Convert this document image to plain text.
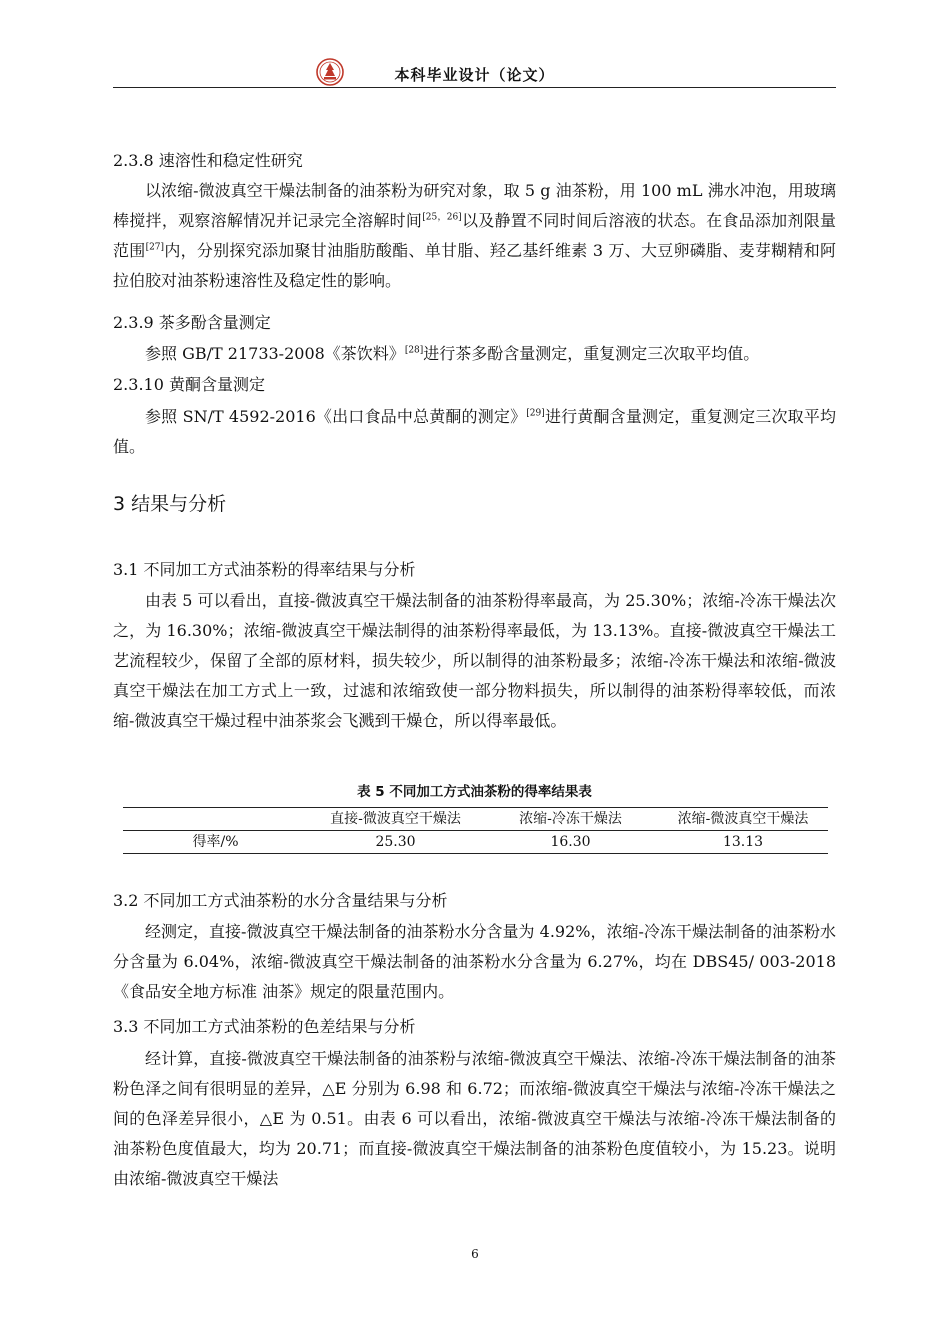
本科毕业设计（论文）
2.3.8 速溶性和稳定性研究

以浓缩-微波真空干燥法制备的油茶粉为研究对象，取 5 g 油茶粉，用 100 mL 沸水冲泡，用玻璃棒搅拌，观察溶解情况并记录完全溶解时间[25，26]以及静置不同时间后溶液的状态。在食品添加剂限量范围[27]内，分别探究添加聚甘油脂肪酸酯、单甘脂、羟乙基纤维素 3 万、大豆卵磷脂、麦芽糊精和阿拉伯胶对油茶粉速溶性及稳定性的影响。

2.3.9 茶多酚含量测定

参照 GB/T 21733-2008《茶饮料》[28]进行茶多酚含量测定，重复测定三次取平均值。

2.3.10 黄酮含量测定

参照 SN/T 4592-2016《出口食品中总黄酮的测定》[29]进行黄酮含量测定，重复测定三次取平均值。

3 结果与分析
3.1 不同加工方式油茶粉的得率结果与分析

由表 5 可以看出，直接-微波真空干燥法制备的油茶粉得率最高，为 25.30%；浓缩-冷冻干燥法次之，为 16.30%；浓缩-微波真空干燥法制得的油茶粉得率最低，为 13.13%。直接-微波真空干燥法工艺流程较少，保留了全部的原材料，损失较少，所以制得的油茶粉最多；浓缩-冷冻干燥法和浓缩-微波真空干燥法在加工方式上一致，过滤和浓缩致使一部分物料损失，所以制得的油茶粉得率较低，而浓缩-微波真空干燥过程中油茶浆会飞溅到干燥仓，所以得率最低。

表 5 不同加工方式油茶粉的得率结果表
	直接-微波真空干燥法	浓缩-冷冻干燥法	浓缩-微波真空干燥法
得率/%	25.30	16.30	13.13
3.2 不同加工方式油茶粉的水分含量结果与分析

经测定，直接-微波真空干燥法制备的油茶粉水分含量为 4.92%，浓缩-冷冻干燥法制备的油茶粉水分含量为 6.04%，浓缩-微波真空干燥法制备的油茶粉水分含量为 6.27%，均在 DBS45/ 003-2018《食品安全地方标准 油茶》规定的限量范围内。

3.3 不同加工方式油茶粉的色差结果与分析

经计算，直接-微波真空干燥法制备的油茶粉与浓缩-微波真空干燥法、浓缩-冷冻干燥法制备的油茶粉色泽之间有很明显的差异，△E 分别为 6.98 和 6.72；而浓缩-微波真空干燥法与浓缩-冷冻干燥法之间的色泽差异很小，△E 为 0.51。由表 6 可以看出，浓缩-微波真空干燥法与浓缩-冷冻干燥法制备的油茶粉色度值最大，均为 20.71；而直接-微波真空干燥法制备的油茶粉色度值较小，为 15.23。说明由浓缩-微波真空干燥法

6
